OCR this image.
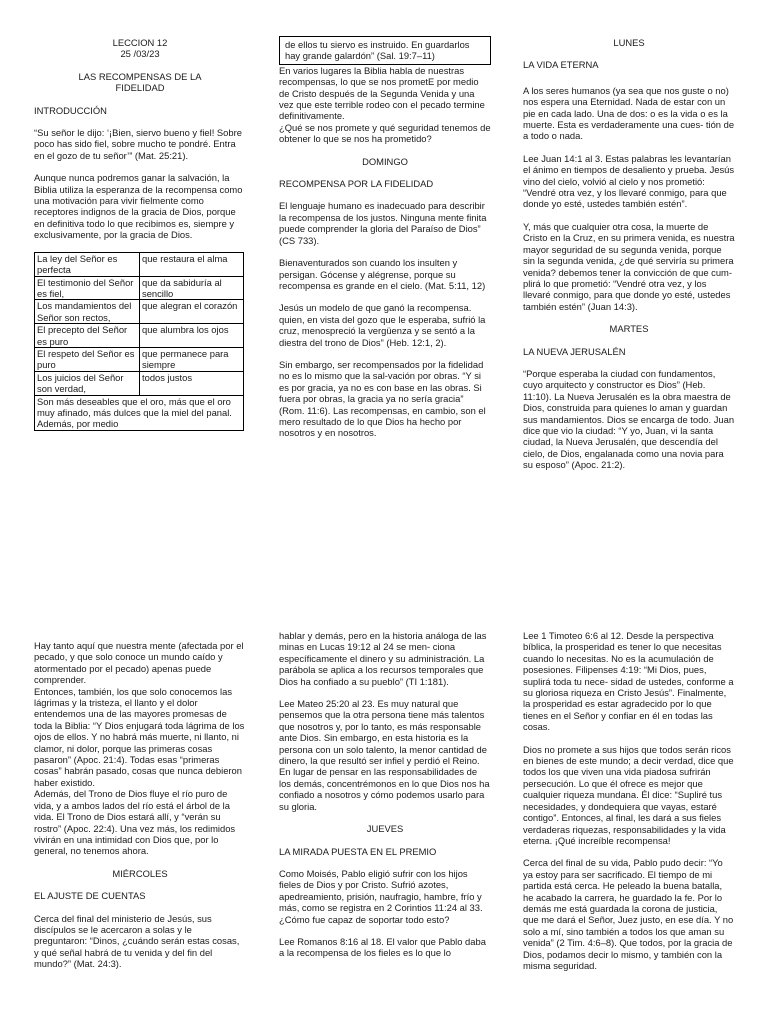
LECCION 12
25 /03/23
LAS RECOMPENSAS DE LA FIDELIDAD
INTRODUCCIÓN

“Su señor le dijo: ‘¡Bien, siervo bueno y fiel! Sobre poco has sido fiel, sobre mucho te pondré. Entra en el gozo de tu señor’” (Mat. 25:21).

Aunque nunca podremos ganar la salvación, la Biblia utiliza la esperanza de la recompensa como una motivación para vivir fielmente como receptores indignos de la gracia de Dios, porque en definitiva todo lo que recibimos es, siempre y exclusivamente, por la gracia de Dios.

La ley del Señor es perfecta	que restaura el alma
El testimonio del Señor es fiel,	que da sabiduría al sencillo
Los mandamientos del Señor son rectos,	que alegran el corazón
El precepto del Señor es puro	que alumbra los ojos
El respeto del Señor es puro	que permanece para siempre
Los juicios del Señor son verdad,	todos justos
Son más deseables que el oro, más que el oro muy afinado, más dulces que la miel del panal. Además, por medio	

Hay tanto aquí que nuestra mente (afectada por el pecado, y que solo conoce un mundo caído y atormentado por el pecado) apenas puede comprender.

Entonces, también, los que solo conocemos las lágrimas y la tristeza, el llanto y el dolor entendemos una de las mayores promesas de toda la Biblia: “Y Dios enjugará toda lágrima de los ojos de ellos. Y no habrá más muerte, ni llanto, ni clamor, ni dolor, porque las primeras cosas pasaron” (Apoc. 21:4). Todas esas “primeras cosas” habrán pasado, cosas que nunca debieron haber existido.

Además, del Trono de Dios fluye el río puro de vida, y a ambos lados del río está el árbol de la vida. El Trono de Dios estará allí, y “verán su rostro” (Apoc. 22:4). Una vez más, los redimidos vivirán en una intimidad con Dios que, por lo general, no tenemos ahora.

MIÉRCOLES
EL AJUSTE DE CUENTAS

Cerca del final del ministerio de Jesús, sus discípulos se le acercaron a solas y le preguntaron: “Dinos, ¿cuándo serán estas cosas, y qué señal habrá de tu venida y del fin del mundo?” (Mat. 24:3).

de ellos tu siervo es instruido. En guardarlos hay grande galardón” (Sal. 19:7–11)

En varios lugares la Biblia habla de nuestras recompensas, lo que se nos prometE por medio de Cristo después de la Segunda Venida y una vez que este terrible rodeo con el pecado termine definitivamente.

¿Qué se nos promete y qué seguridad tenemos de obtener lo que se nos ha prometido?

DOMINGO
RECOMPENSA POR LA FIDELIDAD

El lenguaje humano es inadecuado para describir la recompensa de los justos. Ninguna mente finita puede comprender la gloria del Paraíso de Dios” (CS 733).

Bienaventurados son cuando los insulten y persigan. Gócense y alégrense, porque su recompensa es grande en el cielo. (Mat. 5:11, 12)

Jesús un modelo de que ganó la recompensa. quien, en vista del gozo que le esperaba, sufrió la cruz, menospreció la vergüenza y se sentó a la diestra del trono de Dios” (Heb. 12:1, 2).

Sin embargo, ser recompensados por la fidelidad no es lo mismo que la sal-vación por obras. “Y si es por gracia, ya no es con base en las obras. Si fuera por obras, la gracia ya no sería gracia” (Rom. 11:6). Las recompensas, en cambio, son el mero resultado de lo que Dios ha hecho por nosotros y en nosotros.

hablar y demás, pero en la historia análoga de las minas en Lucas 19:12 al 24 se men- ciona específicamente el dinero y su administración. La parábola se aplica a los recursos temporales que Dios ha confiado a su pueblo” (TI 1:181).

Lee Mateo 25:20 al 23. Es muy natural que pensemos que la otra persona tiene más talentos que nosotros y, por lo tanto, es más responsable ante Dios. Sin embargo, en esta historia es la persona con un solo talento, la menor cantidad de dinero, la que resultó ser infiel y perdió el Reino. En lugar de pensar en las responsabilidades de los demás, concentrémonos en lo que Dios nos ha confiado a nosotros y cómo podemos usarlo para su gloria.

JUEVES
LA MIRADA PUESTA EN EL PREMIO

Como Moisés, Pablo eligió sufrir con los hijos fieles de Dios y por Cristo. Sufrió azotes, apedreamiento, prisión, naufragio, hambre, frío y más, como se registra en 2 Corintios 11:24 al 33. ¿Cómo fue capaz de soportar todo esto?

Lee Romanos 8:16 al 18. El valor que Pablo daba a la recompensa de los fieles es lo que lo

LUNES
LA VIDA ETERNA

A los seres humanos (ya sea que nos guste o no) nos espera una Eternidad. Nada de estar con un pie en cada lado. Una de dos: o es la vida o es la muerte. Esta es verdaderamente una cues- tión de a todo o nada.

Lee Juan 14:1 al 3. Estas palabras les levantarían el ánimo en tiempos de desaliento y prueba. Jesús vino del cielo, volvió al cielo y nos prometió: “Vendré otra vez, y los llevaré conmigo, para que donde yo esté, ustedes también estén”.

Y, más que cualquier otra cosa, la muerte de Cristo en la Cruz, en su primera venida, es nuestra mayor seguridad de su segunda venida, porque sin la segunda venida, ¿de qué serviría su primera venida? debemos tener la convicción de que cum- plirá lo que prometió: “Vendré otra vez, y los llevaré conmigo, para que donde yo esté, ustedes también estén” (Juan 14:3).

MARTES
LA NUEVA JERUSALÉN

“Porque esperaba la ciudad con fundamentos, cuyo arquitecto y constructor es Dios” (Heb. 11:10). La Nueva Jerusalén es la obra maestra de Dios, construida para quienes lo aman y guardan sus mandamientos. Dios se encarga de todo. Juan dice que vio la ciudad: “Y yo, Juan, vi la santa ciudad, la Nueva Jerusalén, que descendía del cielo, de Dios, engalanada como una novia para su esposo” (Apoc. 21:2).

Lee 1 Timoteo 6:6 al 12. Desde la perspectiva bíblica, la prosperidad es tener lo que necesitas cuando lo necesitas. No es la acumulación de posesiones. Filipenses 4:19: “Mi Dios, pues, suplirá toda tu nece- sidad de ustedes, conforme a su gloriosa riqueza en Cristo Jesús”. Finalmente, la prosperidad es estar agradecido por lo que tienes en el Señor y confiar en él en todas las cosas.

Dios no promete a sus hijos que todos serán ricos en bienes de este mundo; a decir verdad, dice que todos los que viven una vida piadosa sufrirán persecución. Lo que él ofrece es mejor que cualquier riqueza mundana. Él dice: “Supliré tus necesidades, y dondequiera que vayas, estaré contigo”. Entonces, al final, les dará a sus fieles verdaderas riquezas, responsabilidades y la vida eterna. ¡Qué increíble recompensa!

Cerca del final de su vida, Pablo pudo decir: “Yo ya estoy para ser sacrificado. El tiempo de mi partida está cerca. He peleado la buena batalla, he acabado la carrera, he guardado la fe. Por lo demás me está guardada la corona de justicia, que me dará el Señor, Juez justo, en ese día. Y no solo a mí, sino también a todos los que aman su venida” (2 Tim. 4:6–8). Que todos, por la gracia de Dios, podamos decir lo mismo, y también con la misma seguridad.
